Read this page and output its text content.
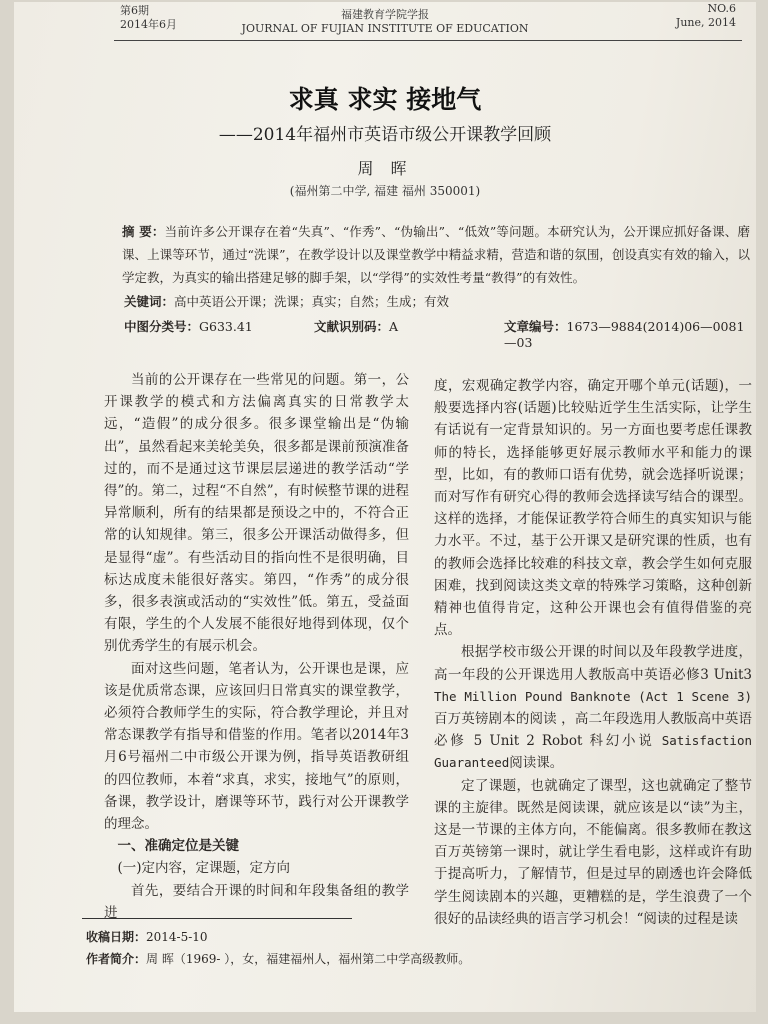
第6期
2014年6月
福建教育学院学报
JOURNAL OF FUJIAN INSTITUTE OF EDUCATION
NO.6
June, 2014
求真 求实 接地气
——2014年福州市英语市级公开课教学回顾
周 晖
(福州第二中学, 福建 福州 350001)
摘 要：当前许多公开课存在着“失真”、“作秀”、“伪输出”、“低效”等问题。本研究认为，公开课应抓好备课、磨课、上课等环节，通过“洗课”，在教学设计以及课堂教学中精益求精，营造和谐的氛围，创设真实有效的输入，以学定教，为真实的输出搭建足够的脚手架，以“学得”的实效性考量“教得”的有效性。
关键词：高中英语公开课；洗课；真实；自然；生成；有效
中图分类号：G633.41	文献识别码：A	文章编号：1673—9884(2014)06—0081—03

当前的公开课存在一些常见的问题。第一，公开课教学的模式和方法偏离真实的日常教学太远，“造假”的成分很多。很多课堂输出是“伪输出”，虽然看起来美轮美奂，很多都是课前预演准备过的，而不是通过这节课层层递进的教学活动“学得”的。第二，过程“不自然”，有时候整节课的进程异常顺利，所有的结果都是预设之中的，不符合正常的认知规律。第三，很多公开课活动做得多，但是显得“虚”。有些活动目的指向性不是很明确，目标达成度未能很好落实。第四，“作秀”的成分很多，很多表演或活动的“实效性”低。第五，受益面有限，学生的个人发展不能很好地得到体现，仅个别优秀学生的有展示机会。

面对这些问题，笔者认为，公开课也是课，应该是优质常态课，应该回归日常真实的课堂教学，必须符合教师学生的实际，符合教学理论，并且对常态课教学有指导和借鉴的作用。笔者以2014年3月6号福州二中市级公开课为例，指导英语教研组的四位教师，本着“求真，求实，接地气”的原则，备课，教学设计，磨课等环节，践行对公开课教学的理念。

一、准确定位是关键

(一)定内容，定课题，定方向

首先，要结合开课的时间和年段集备组的教学进

度，宏观确定教学内容，确定开哪个单元(话题)，一般要选择内容(话题)比较贴近学生生活实际，让学生有话说有一定背景知识的。另一方面也要考虑任课教师的特长，选择能够更好展示教师水平和能力的课型，比如，有的教师口语有优势，就会选择听说课；而对写作有研究心得的教师会选择读写结合的课型。这样的选择，才能保证教学符合师生的真实知识与能力水平。不过，基于公开课又是研究课的性质，也有的教师会选择比较难的科技文章，教会学生如何克服困难，找到阅读这类文章的特殊学习策略，这种创新精神也值得肯定，这种公开课也会有值得借鉴的亮点。

根据学校市级公开课的时间以及年段教学进度，高一年段的公开课选用人教版高中英语必修3 Unit3 The Million Pound Banknote (Act 1 Scene 3)百万英镑剧本的阅读 ，高二年段选用人教版高中英语必修 5 Unit 2 Robot 科幻小说 Satisfaction Guaranteed阅读课。

定了课题，也就确定了课型，这也就确定了整节课的主旋律。既然是阅读课，就应该是以“读”为主，这是一节课的主体方向，不能偏离。很多教师在教这百万英镑第一课时，就让学生看电影，这样或许有助于提高听力，了解情节，但是过早的剧透也许会降低学生阅读剧本的兴趣，更糟糕的是，学生浪费了一个很好的品读经典的语言学习机会！“阅读的过程是读

收稿日期：2014-5-10
作者简介：周 晖（1969- ），女，福建福州人，福州第二中学高级教师。
